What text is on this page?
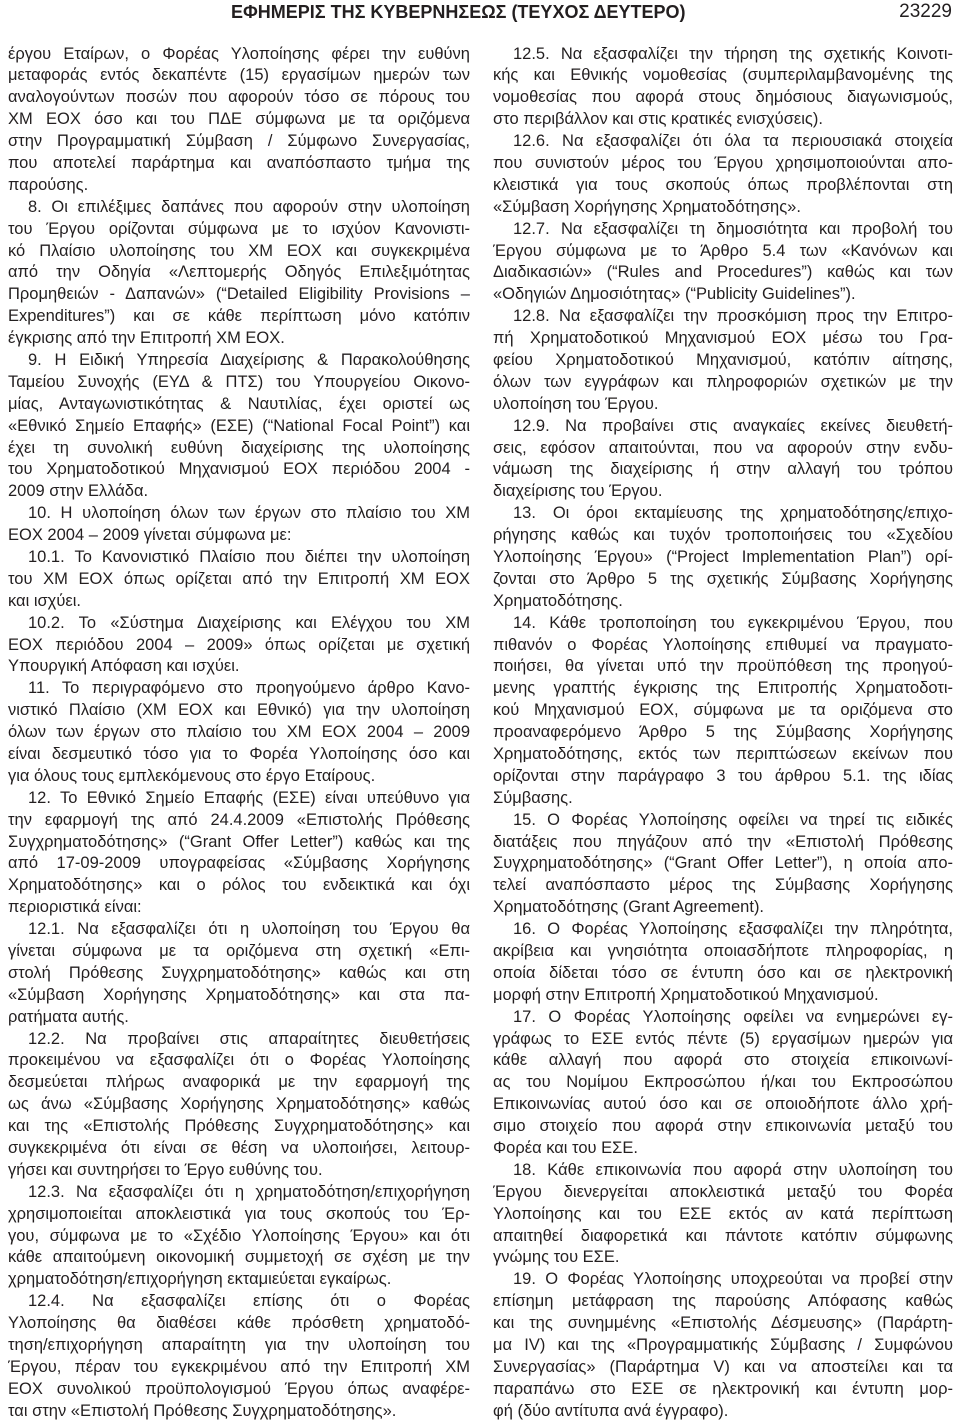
ΕΦΗΜΕΡΙΣ ΤΗΣ ΚΥΒΕΡΝΗΣΕΩΣ (ΤΕΥΧΟΣ ΔΕΥΤΕΡΟ)	23229
έργου Εταίρων, ο Φορέας Υλοποίησης φέρει την ευθύνη
μεταφοράς εντός δεκαπέντε (15) εργασίμων ημερών των
αναλογούντων ποσών που αφορούν τόσο σε πόρους του
ΧΜ ΕΟΧ όσο και του ΠΔΕ σύμφωνα με τα οριζόμενα
στην Προγραμματική Σύμβαση / Σύμφωνο Συνεργασίας,
που αποτελεί παράρτημα και αναπόσπαστο τμήμα της
παρούσης.
8. Οι επιλέξιμες δαπάνες που αφορούν στην υλοποίηση
του Έργου ορίζονται σύμφωνα με το ισχύον Κανονιστι-
κό Πλαίσιο υλοποίησης του ΧΜ ΕΟΧ και συγκεκριμένα
από την Οδηγία «Λεπτομερής Οδηγός Επιλεξιμότητας
Προμηθειών - Δαπανών» (“Detailed Eligibility Provisions –
Expenditures”) και σε κάθε περίπτωση μόνο κατόπιν
έγκρισης από την Επιτροπή ΧΜ ΕΟΧ.
9. Η Ειδική Υπηρεσία Διαχείρισης & Παρακολούθησης
Ταμείου Συνοχής (ΕΥΔ & ΠΤΣ) του Υπουργείου Οικονο-
μίας, Ανταγωνιστικότητας & Ναυτιλίας, έχει οριστεί ως
«Εθνικό Σημείο Επαφής» (ΕΣΕ) (“National Focal Point”) και
έχει τη συνολική ευθύνη διαχείρισης της υλοποίησης
του Χρηματοδοτικού Μηχανισμού ΕΟΧ περιόδου 2004 -
2009 στην Ελλάδα.
10. Η υλοποίηση όλων των έργων στο πλαίσιο του ΧΜ
ΕΟΧ 2004 – 2009 γίνεται σύμφωνα με:
10.1. Το Κανονιστικό Πλαίσιο που διέπει την υλοποίηση
του ΧΜ ΕΟΧ όπως ορίζεται από την Επιτροπή ΧΜ ΕΟΧ
και ισχύει.
10.2. Το «Σύστημα Διαχείρισης και Ελέγχου του ΧΜ
ΕΟΧ περιόδου 2004 – 2009» όπως ορίζεται με σχετική
Υπουργική Απόφαση και ισχύει.
11. Το περιγραφόμενο στο προηγούμενο άρθρο Κανο-
νιστικό Πλαίσιο (ΧΜ ΕΟΧ και Εθνικό) για την υλοποίηση
όλων των έργων στο πλαίσιο του ΧΜ ΕΟΧ 2004 – 2009
είναι δεσμευτικό τόσο για το Φορέα Υλοποίησης όσο και
για όλους τους εμπλεκόμενους στο έργο Εταίρους.
12. Το Εθνικό Σημείο Επαφής (ΕΣΕ) είναι υπεύθυνο για
την εφαρμογή της από 24.4.2009 «Επιστολής Πρόθεσης
Συγχρηματοδότησης» (“Grant Offer Letter”) καθώς και της
από 17-09-2009 υπογραφείσας «Σύμβασης Χορήγησης
Χρηματοδότησης» και ο ρόλος του ενδεικτικά και όχι
περιοριστικά είναι:
12.1. Να εξασφαλίζει ότι η υλοποίηση του Έργου θα
γίνεται σύμφωνα με τα οριζόμενα στη σχετική «Επι-
στολή Πρόθεσης Συγχρηματοδότησης» καθώς και στη
«Σύμβαση Χορήγησης Χρηματοδότησης» και στα πα-
ρατήματα αυτής.
12.2. Να προβαίνει στις απαραίτητες διευθετήσεις
προκειμένου να εξασφαλίζει ότι ο Φορέας Υλοποίησης
δεσμεύεται πλήρως αναφορικά με την εφαρμογή της
ως άνω «Σύμβασης Χορήγησης Χρηματοδότησης» καθώς
και της «Επιστολής Πρόθεσης Συγχρηματοδότησης» και
συγκεκριμένα ότι είναι σε θέση να υλοποιήσει, λειτουρ-
γήσει και συντηρήσει το Έργο ευθύνης του.
12.3. Να εξασφαλίζει ότι η χρηματοδότηση/επιχορήγηση
χρησιμοποιείται αποκλειστικά για τους σκοπούς του Έρ-
γου, σύμφωνα με το «Σχέδιο Υλοποίησης Έργου» και ότι
κάθε απαιτούμενη οικονομική συμμετοχή σε σχέση με την
χρηματοδότηση/επιχορήγηση εκταμιεύεται εγκαίρως.
12.4. Να εξασφαλίζει επίσης ότι ο Φορέας
Υλοποίησης θα διαθέσει κάθε πρόσθετη χρηματοδό-
τηση/επιχορήγηση απαραίτητη για την υλοποίηση του
Έργου, πέραν του εγκεκριμένου από την Επιτροπή ΧΜ
ΕΟΧ συνολικού προϋπολογισμού Έργου όπως αναφέρε-
ται στην «Επιστολή Πρόθεσης Συγχρηματοδότησης».
12.5. Να εξασφαλίζει την τήρηση της σχετικής Κοινοτι-
κής και Εθνικής νομοθεσίας (συμπεριλαμβανομένης της
νομοθεσίας που αφορά στους δημόσιους διαγωνισμούς,
στο περιβάλλον και στις κρατικές ενισχύσεις).
12.6. Να εξασφαλίζει ότι όλα τα περιουσιακά στοιχεία
που συνιστούν μέρος του Έργου χρησιμοποιούνται απο-
κλειστικά για τους σκοπούς όπως προβλέπονται στη
«Σύμβαση Χορήγησης Χρηματοδότησης».
12.7. Να εξασφαλίζει τη δημοσιότητα και προβολή του
Έργου σύμφωνα με το Άρθρο 5.4 των «Κανόνων και
Διαδικασιών» (“Rules and Procedures”) καθώς και των
«Οδηγιών Δημοσιότητας» (“Publicity Guidelines”).
12.8. Να εξασφαλίζει την προσκόμιση προς την Επιτρο-
πή Χρηματοδοτικού Μηχανισμού ΕΟΧ μέσω του Γρα-
φείου Χρηματοδοτικού Μηχανισμού, κατόπιν αίτησης,
όλων των εγγράφων και πληροφοριών σχετικών με την
υλοποίηση του Έργου.
12.9. Να προβαίνει στις αναγκαίες εκείνες διευθετή-
σεις, εφόσον απαιτούνται, που να αφορούν στην ενδυ-
νάμωση της διαχείρισης ή στην αλλαγή του τρόπου
διαχείρισης του Έργου.
13. Οι όροι εκταμίευσης της χρηματοδότησης/επιχο-
ρήγησης καθώς και τυχόν τροποποιήσεις του «Σχεδίου
Υλοποίησης Έργου» (“Project Implementation Plan”) ορί-
ζονται στο Άρθρο 5 της σχετικής Σύμβασης Χορήγησης
Χρηματοδότησης.
14. Κάθε τροποποίηση του εγκεκριμένου Έργου, που
πιθανόν ο Φορέας Υλοποίησης επιθυμεί να πραγματο-
ποιήσει, θα γίνεται υπό την προϋπόθεση της προηγού-
μενης γραπτής έγκρισης της Επιτροπής Χρηματοδοτι-
κού Μηχανισμού ΕΟΧ, σύμφωνα με τα οριζόμενα στο
προαναφερόμενο Άρθρο 5 της Σύμβασης Χορήγησης
Χρηματοδότησης, εκτός των περιπτώσεων εκείνων που
ορίζονται στην παράγραφο 3 του άρθρου 5.1. της ιδίας
Σύμβασης.
15. Ο Φορέας Υλοποίησης οφείλει να τηρεί τις ειδικές
διατάξεις που πηγάζουν από την «Επιστολή Πρόθεσης
Συγχρηματοδότησης» (“Grant Offer Letter”), η οποία απο-
τελεί αναπόσπαστο μέρος της Σύμβασης Χορήγησης
Χρηματοδότησης (Grant Agreement).
16. Ο Φορέας Υλοποίησης εξασφαλίζει την πληρότητα,
ακρίβεια και γνησιότητα οποιασδήποτε πληροφορίας, η
οποία δίδεται τόσο σε έντυπη όσο και σε ηλεκτρονική
μορφή στην Επιτροπή Χρηματοδοτικού Μηχανισμού.
17. Ο Φορέας Υλοποίησης οφείλει να ενημερώνει εγ-
γράφως το ΕΣΕ εντός πέντε (5) εργασίμων ημερών για
κάθε αλλαγή που αφορά στο στοιχεία επικοινωνί-
ας του Νομίμου Εκπροσώπου ή/και του Εκπροσώπου
Επικοινωνίας αυτού όσο και σε οποιοδήποτε άλλο χρή-
σιμο στοιχείο που αφορά στην επικοινωνία μεταξύ του
Φορέα και του ΕΣΕ.
18. Κάθε επικοινωνία που αφορά στην υλοποίηση του
Έργου διενεργείται αποκλειστικά μεταξύ του Φορέα
Υλοποίησης και του ΕΣΕ εκτός αν κατά περίπτωση
απαιτηθεί διαφορετικά και πάντοτε κατόπιν σύμφωνης
γνώμης του ΕΣΕ.
19. Ο Φορέας Υλοποίησης υποχρεούται να προβεί στην
επίσημη μετάφραση της παρούσης Απόφασης καθώς
και της συνημμένης «Επιστολής Δέσμευσης» (Παράρτη-
μα IV) και της «Προγραμματικής Σύμβασης / Συμφώνου
Συνεργασίας» (Παράρτημα V) και να αποστείλει και τα
παραπάνω στο ΕΣΕ σε ηλεκτρονική και έντυπη μορ-
φή (δύο αντίτυπα ανά έγγραφο).
